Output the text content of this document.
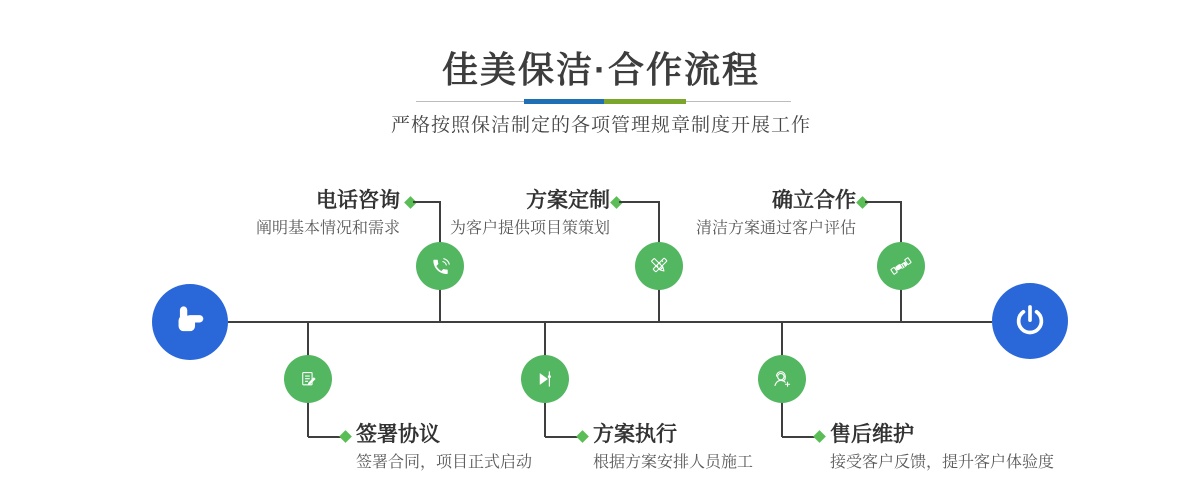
佳美保洁·合作流程
严格按照保洁制定的各项管理规章制度开展工作
签署协议
签署合同，项目正式启动
电话咨询
阐明基本情况和需求
方案执行
根据方案安排人员施工
方案定制
为客户提供项目策策划
售后维护
接受客户反馈，提升客户体验度
确立合作
清洁方案通过客户评估
